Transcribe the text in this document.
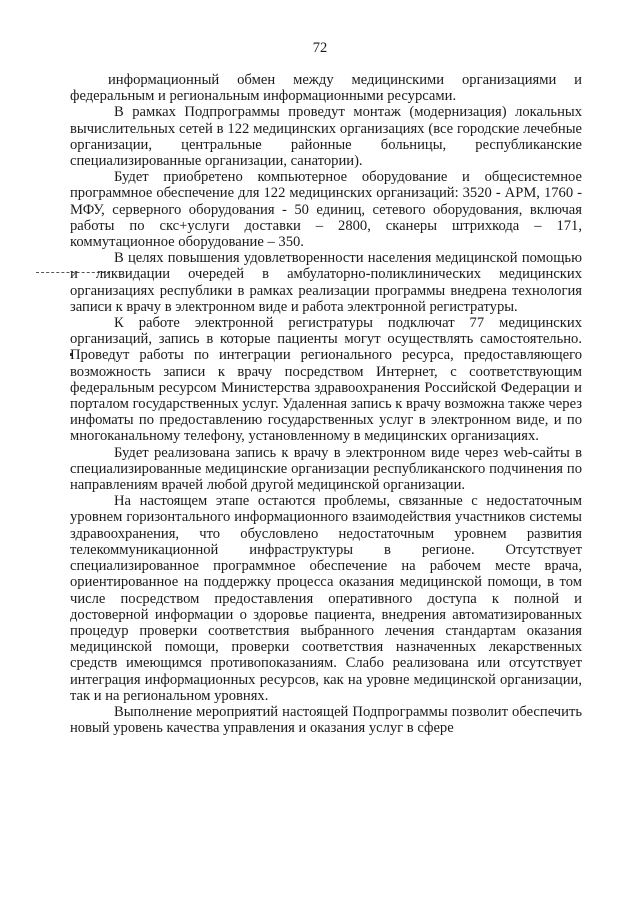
72

информационный обмен между медицинскими организациями и федеральным и региональным информационными ресурсами.

В рамках Подпрограммы проведут монтаж (модернизация) локальных вычислительных сетей в 122 медицинских организациях (все городские лечебные организации, центральные районные больницы, республиканские специализированные организации, санатории).

Будет приобретено компьютерное оборудование и общесистемное программное обеспечение для 122 медицинских организаций: 3520 - АРМ, 1760 - МФУ, серверного оборудования - 50 единиц, сетевого оборудования, включая работы по скс+услуги доставки – 2800, сканеры штрихкода – 171, коммутационное оборудование – 350.

В целях повышения удовлетворенности населения медицинской помощью и ликвидации очередей в амбулаторно-поликлинических медицинских организациях республики в рамках реализации программы внедрена технология записи к врачу в электронном виде и работа электронной регистратуры.

К работе электронной регистратуры подключат 77 медицинских организаций, запись в которые пациенты могут осуществлять самостоятельно. Проведут работы по интеграции регионального ресурса, предоставляющего возможность записи к врачу посредством Интернет, с соответствующим федеральным ресурсом Министерства здравоохранения Российской Федерации и порталом государственных услуг. Удаленная запись к врачу возможна также через инфоматы по предоставлению государственных услуг в электронном виде, и по многоканальному телефону, установленному в медицинских организациях.

Будет реализована запись к врачу в электронном виде через web-сайты в специализированные медицинские организации республиканского подчинения по направлениям врачей любой другой медицинской организации.

На настоящем этапе остаются проблемы, связанные с недостаточным уровнем горизонтального информационного взаимодействия участников системы здравоохранения, что обусловлено недостаточным уровнем развития телекоммуникационной инфраструктуры в регионе. Отсутствует специализированное программное обеспечение на рабочем месте врача, ориентированное на поддержку процесса оказания медицинской помощи, в том числе посредством предоставления оперативного доступа к полной и достоверной информации о здоровье пациента, внедрения автоматизированных процедур проверки соответствия выбранного лечения стандартам оказания медицинской помощи, проверки соответствия назначенных лекарственных средств имеющимся противопоказаниям. Слабо реализована или отсутствует интеграция информационных ресурсов, как на уровне медицинской организации, так и на региональном уровнях.

Выполнение мероприятий настоящей Подпрограммы позволит обеспечить новый уровень качества управления и оказания услуг в сфере
